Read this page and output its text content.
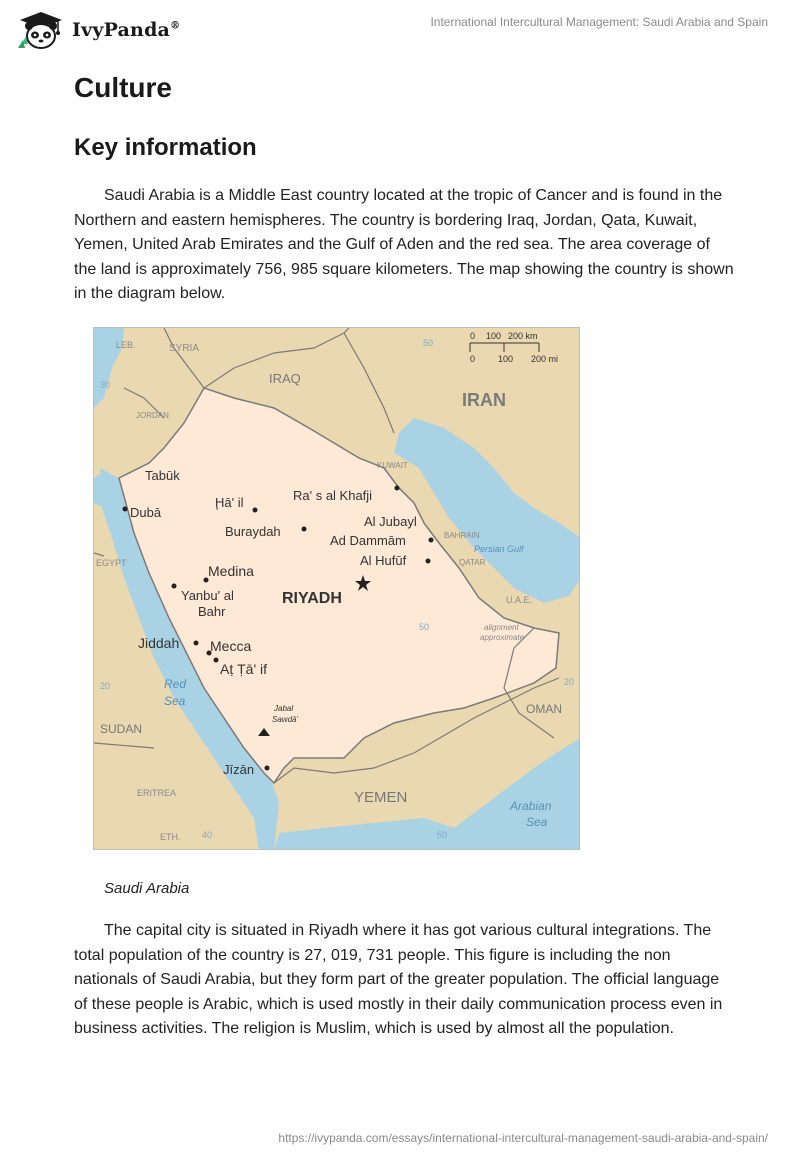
IvyPanda®	International Intercultural Management: Saudi Arabia and Spain
Culture
Key information

Saudi Arabia is a Middle East country located at the tropic of Cancer and is found in the Northern and eastern hemispheres. The country is bordering Iraq, Jordan, Qata, Kuwait, Yemen, United Arab Emirates and the Gulf of Aden and the red sea. The area coverage of the land is approximately 756, 985 square kilometers. The map showing the country is shown in the diagram below.

0 100 200 km
0	100 200 mi
LEB.	SYRIA
IRAQ
IRAN
JORDAN
KUWAIT
BAHRAIN
QATAR
U.A.E.
OMAN
EGYPT
SUDAN
ERITREA
ETH.
YEMEN
Persian Gulf
Red
Sea
Arabian
Sea
Tabūk
Dubā
Ḩā' il	Ra' s al Khafji
Buraydah
Al Jubayl
Ad Dammām
Al Hufūf
Medina
Yanbu' al
Bahr
RIYADH
Jiddah Mecca
Aṭ Ṭā' if
Jīzān
Jabal
Sawdā'
alignment
approximate
50
50
40	50
20	20
30
Saudi Arabia

The capital city is situated in Riyadh where it has got various cultural integrations. The total population of the country is 27, 019, 731 people. This figure is including the non nationals of Saudi Arabia, but they form part of the greater population. The official language of these people is Arabic, which is used mostly in their daily communication process even in business activities. The religion is Muslim, which is used by almost all the population.

https://ivypanda.com/essays/international-intercultural-management-saudi-arabia-and-spain/
